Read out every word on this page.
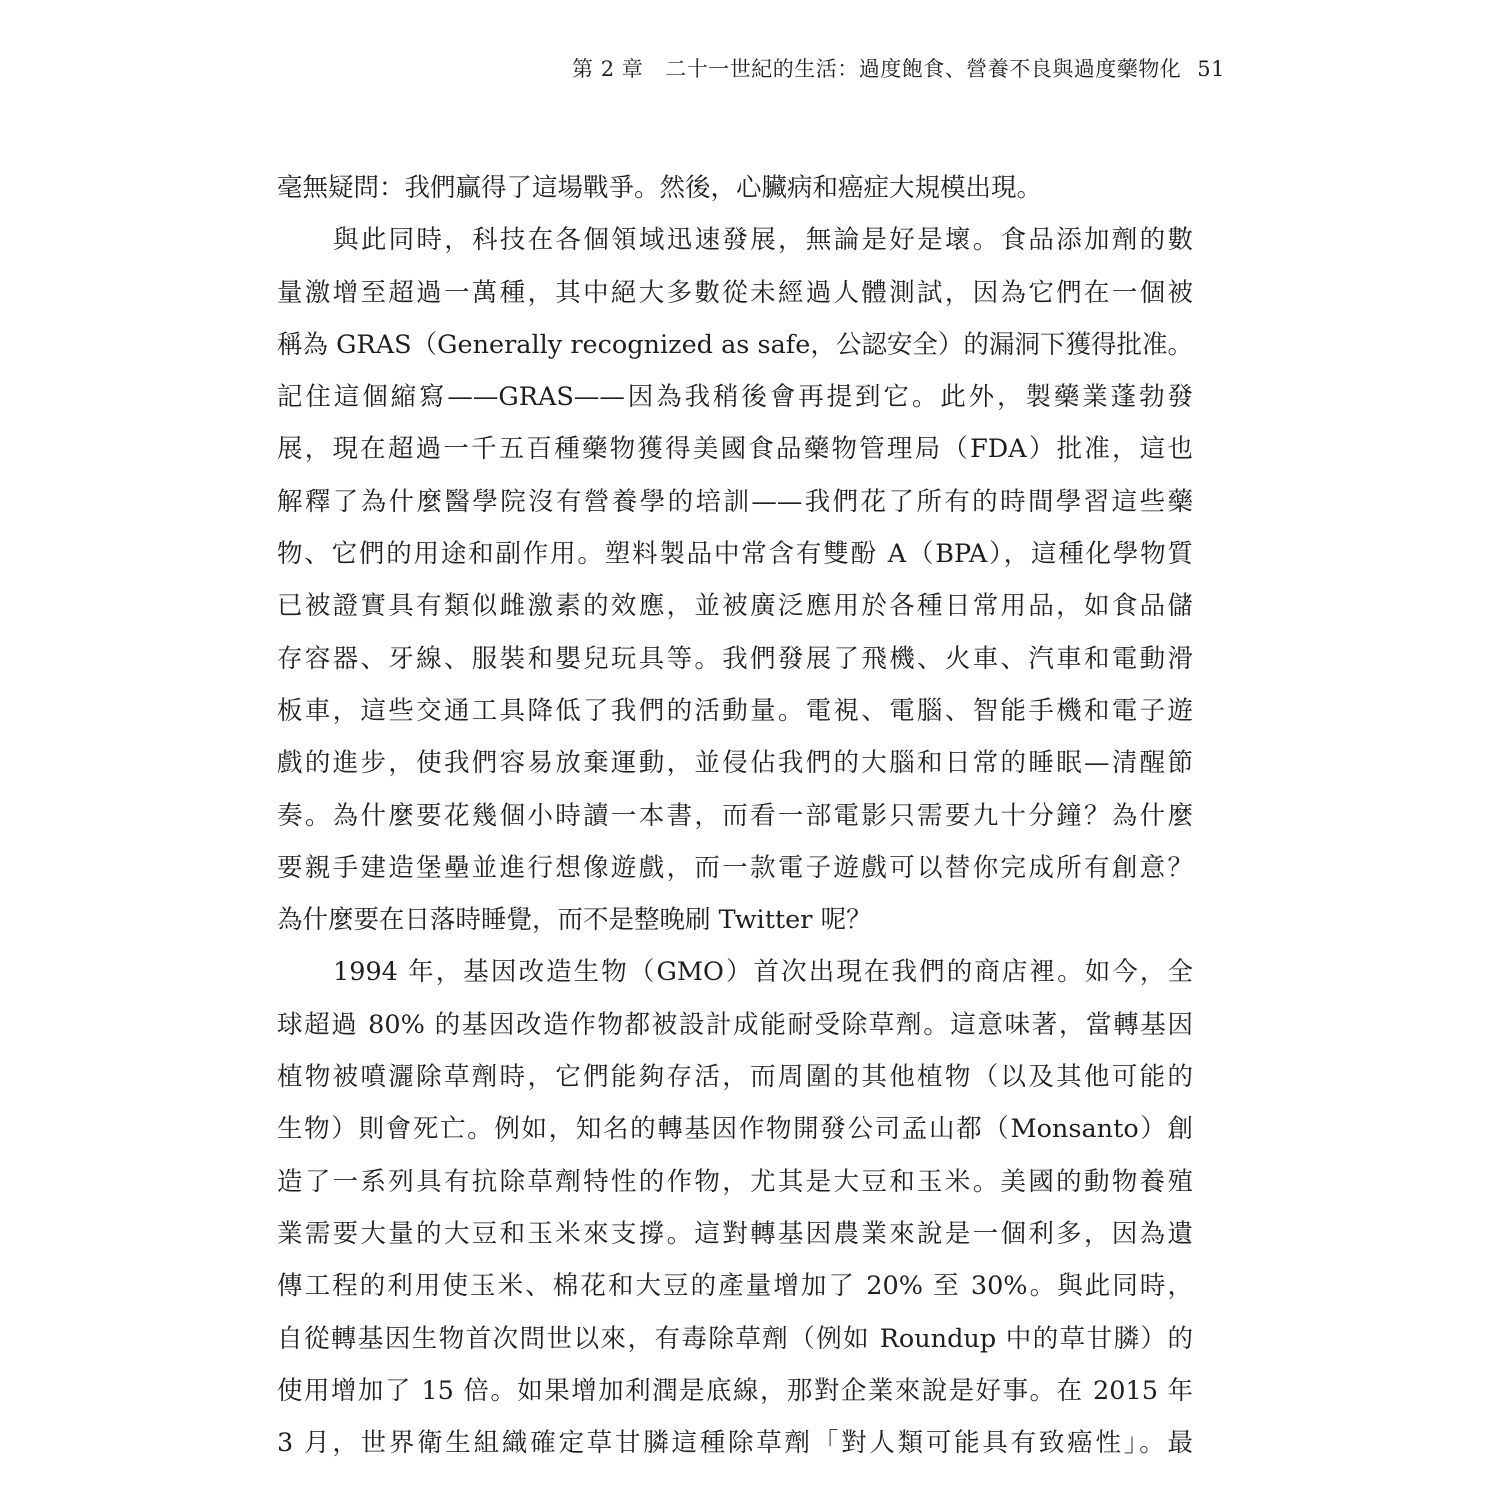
第 2 章 二十一世紀的生活：過度飽食、營養不良與過度藥物化 51
毫無疑問：我們贏得了這場戰爭。然後，心臟病和癌症大規模出現。
與此同時，科技在各個領域迅速發展，無論是好是壞。食品添加劑的數
量激增至超過一萬種，其中絕大多數從未經過人體測試，因為它們在一個被
稱為 GRAS（Generally recognized as safe，公認安全）的漏洞下獲得批准。
記住這個縮寫——GRAS——因為我稍後會再提到它。此外，製藥業蓬勃發
展，現在超過一千五百種藥物獲得美國食品藥物管理局（FDA）批准，這也
解釋了為什麼醫學院沒有營養學的培訓——我們花了所有的時間學習這些藥
物、它們的用途和副作用。塑料製品中常含有雙酚 A（BPA），這種化學物質
已被證實具有類似雌激素的效應，並被廣泛應用於各種日常用品，如食品儲
存容器、牙線、服裝和嬰兒玩具等。我們發展了飛機、火車、汽車和電動滑
板車，這些交通工具降低了我們的活動量。電視、電腦、智能手機和電子遊
戲的進步，使我們容易放棄運動，並侵佔我們的大腦和日常的睡眠—清醒節
奏。為什麼要花幾個小時讀一本書，而看一部電影只需要九十分鐘？為什麼
要親手建造堡壘並進行想像遊戲，而一款電子遊戲可以替你完成所有創意？
為什麼要在日落時睡覺，而不是整晚刷 Twitter 呢？
1994 年，基因改造生物（GMO）首次出現在我們的商店裡。如今，全
球超過 80% 的基因改造作物都被設計成能耐受除草劑。這意味著，當轉基因
植物被噴灑除草劑時，它們能夠存活，而周圍的其他植物（以及其他可能的
生物）則會死亡。例如，知名的轉基因作物開發公司孟山都（Monsanto）創
造了一系列具有抗除草劑特性的作物，尤其是大豆和玉米。美國的動物養殖
業需要大量的大豆和玉米來支撐。這對轉基因農業來說是一個利多，因為遺
傳工程的利用使玉米、棉花和大豆的產量增加了 20% 至 30%。與此同時，
自從轉基因生物首次問世以來，有毒除草劑（例如 Roundup 中的草甘膦）的
使用增加了 15 倍。如果增加利潤是底線，那對企業來說是好事。在 2015 年
3 月，世界衛生組織確定草甘膦這種除草劑「對人類可能具有致癌性」。最
